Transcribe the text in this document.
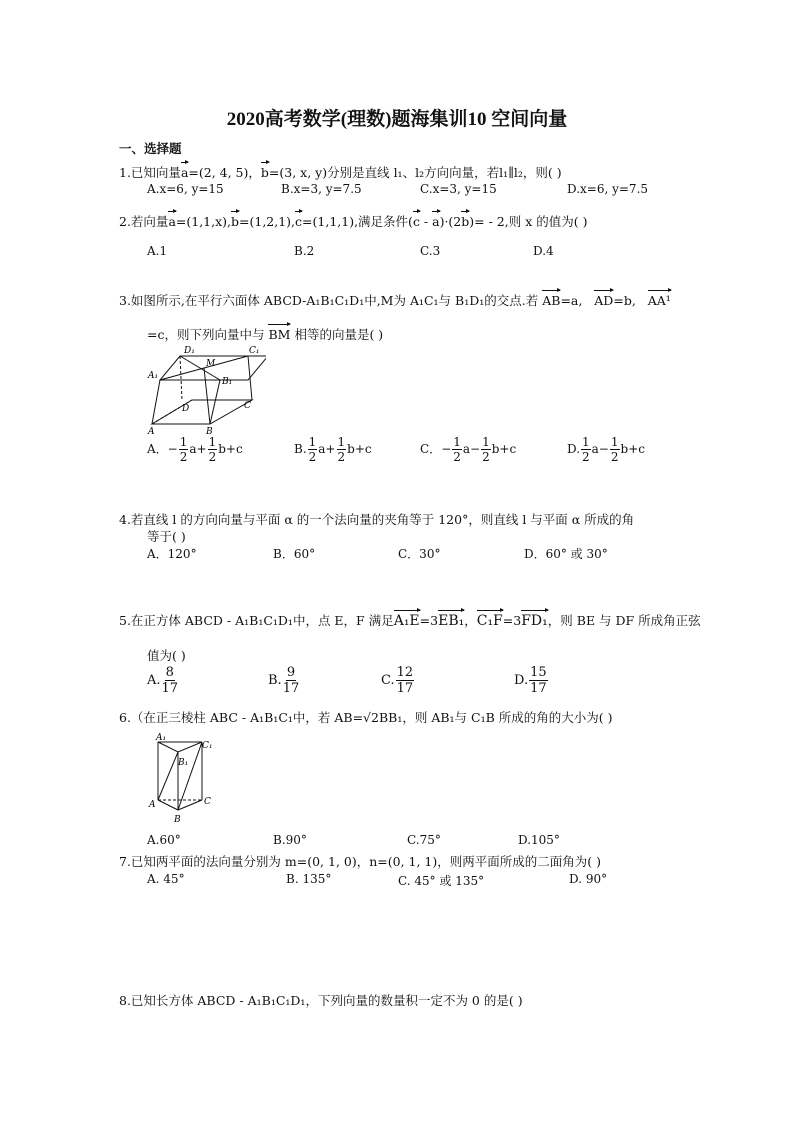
2020高考数学(理数)题海集训10 空间向量
一、选择题
1.已知向量a=(2, 4, 5)，b=(3, x, y)分别是直线 l₁、l₂方向向量，若l₁∥l₂，则( )
A.x=6, y=15	B.x=3, y=7.5	C.x=3, y=15	D.x=6, y=7.5
2.若向量a=(1,1,x),b=(1,2,1),c=(1,1,1),满足条件(c - a)·(2b)= - 2,则 x 的值为( )
A.1	B.2	C.3	D.4
3.如图所示,在平行六面体 ABCD-A₁B₁C₁D₁中,M为 A₁C₁与 B₁D₁的交点.若 AB=a, AD=b, AA¹
=c，则下列向量中与 BM 相等的向量是( )
D₁	C₁
M
A₁
B₁
D	C
A	B
A．− $\frac{1}{2} a+ \frac{1}{2} b+c$	B. $\frac{1}{2} a+ \frac{1}{2} b+c$	C．− $\frac{1}{2} a- \frac{1}{2} b+c$	D. $\frac{1}{2} a- \frac{1}{2} b+c$
4.若直线 l 的方向向量与平面 α 的一个法向量的夹角等于 120°，则直线 l 与平面 α 所成的角
等于( )
A．120°	B．60°	C．30°	D．60° 或 30°
5.在正方体 ABCD - A₁B₁C₁D₁中，点 E，F 满足A₁E=3EB₁，C₁F=3FD₁，则 BE 与 DF 所成角正弦
值为( )
A. $\frac{8}{17}$	B. $\frac{9}{17}$	C. $\frac{12}{17}$	D. $\frac{15}{17}$
6.（在正三棱柱 ABC - A₁B₁C₁中，若 AB=√2BB₁，则 AB₁与 C₁B 所成的角的大小为( )
A₁
C₁
B₁
A	C
B
A.60°	B.90°	C.75°	D.105°
7.已知两平面的法向量分别为 m=(0, 1, 0)，n=(0, 1, 1)，则两平面所成的二面角为( )
A. 45°	B. 135°	C. 45° 或 135°	D. 90°
8.已知长方体 ABCD - A₁B₁C₁D₁，下列向量的数量积一定不为 0 的是( )
